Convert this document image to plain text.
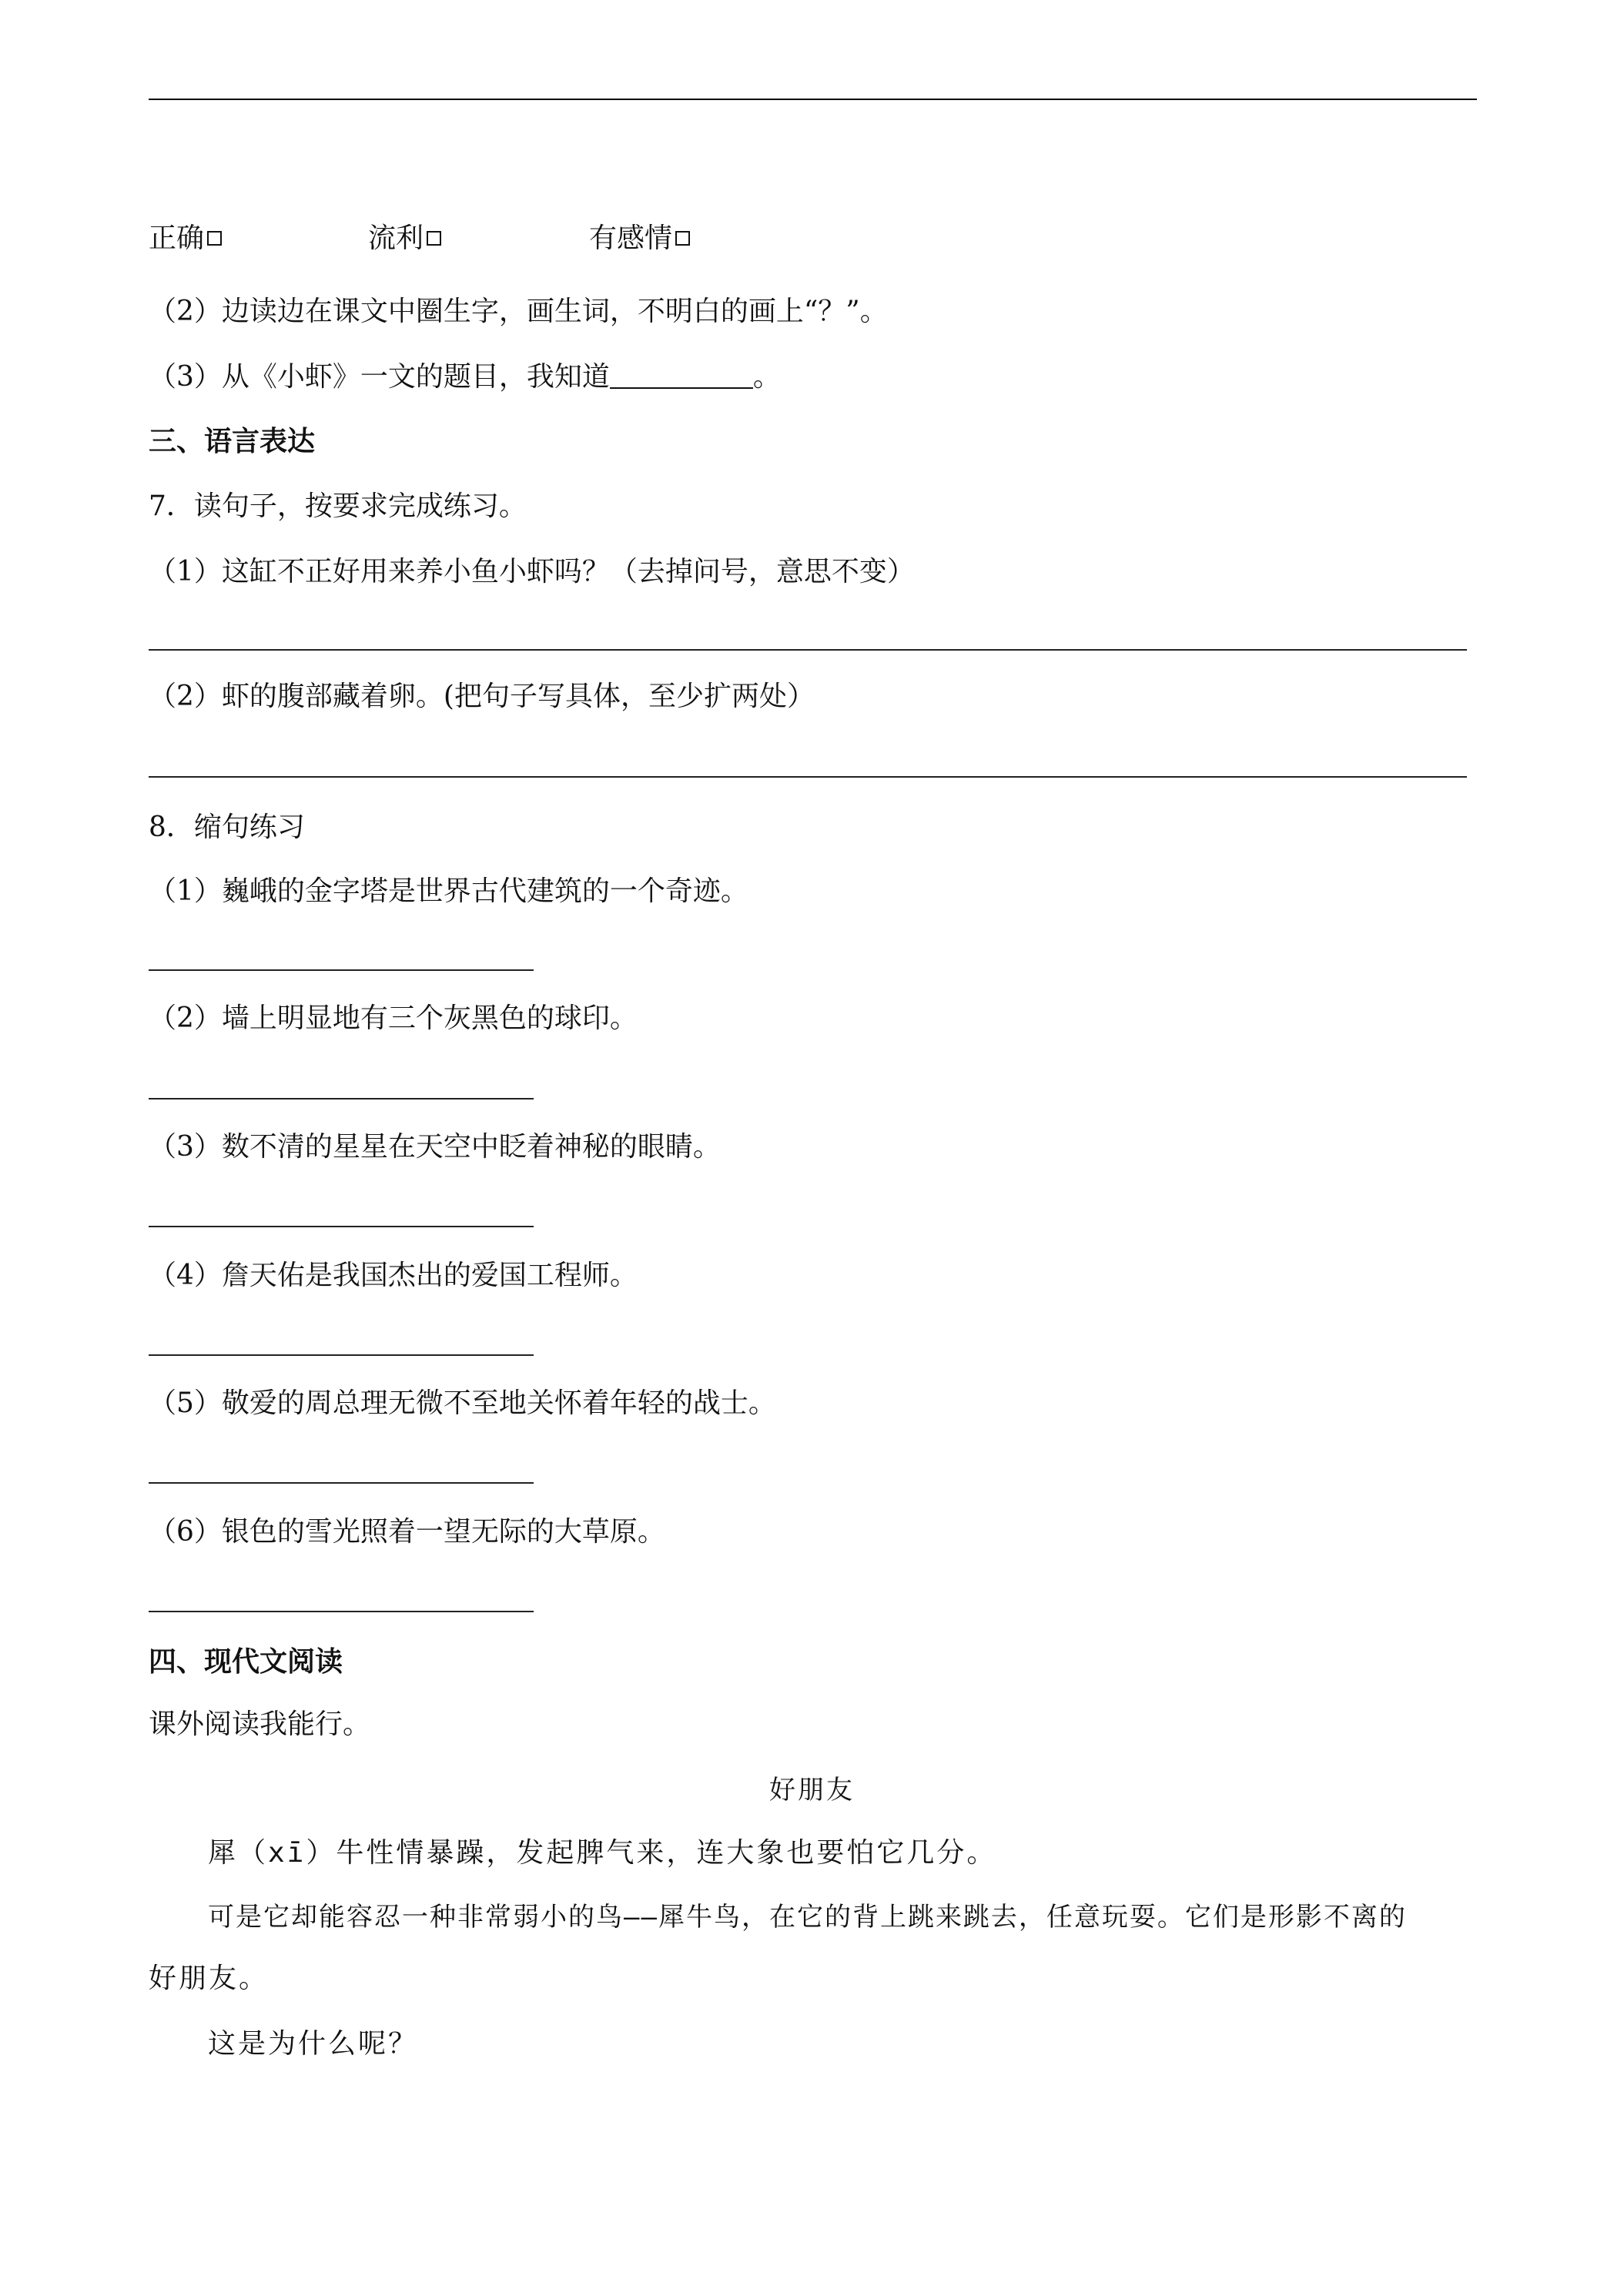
正确	流利	有感情
（2）边读边在课文中圈生字，画生词，不明白的画上“？”。
（3）从《小虾》一文的题目，我知道	。
三、语言表达
7．读句子，按要求完成练习。
（1）这缸不正好用来养小鱼小虾吗？（去掉问号，意思不变）
（2）虾的腹部藏着卵。(把句子写具体，至少扩两处）
8．缩句练习
（1）巍峨的金字塔是世界古代建筑的一个奇迹。
（2）墙上明显地有三个灰黑色的球印。
（3）数不清的星星在天空中眨着神秘的眼睛。
（4）詹天佑是我国杰出的爱国工程师。
（5）敬爱的周总理无微不至地关怀着年轻的战士。
（6）银色的雪光照着一望无际的大草原。
四、现代文阅读
课外阅读我能行。
好朋友
犀（xī）牛性情暴躁，发起脾气来，连大象也要怕它几分。
可是它却能容忍一种非常弱小的鸟——犀牛鸟，在它的背上跳来跳去，任意玩耍。它们是形影不离的
好朋友。
这是为什么呢？
